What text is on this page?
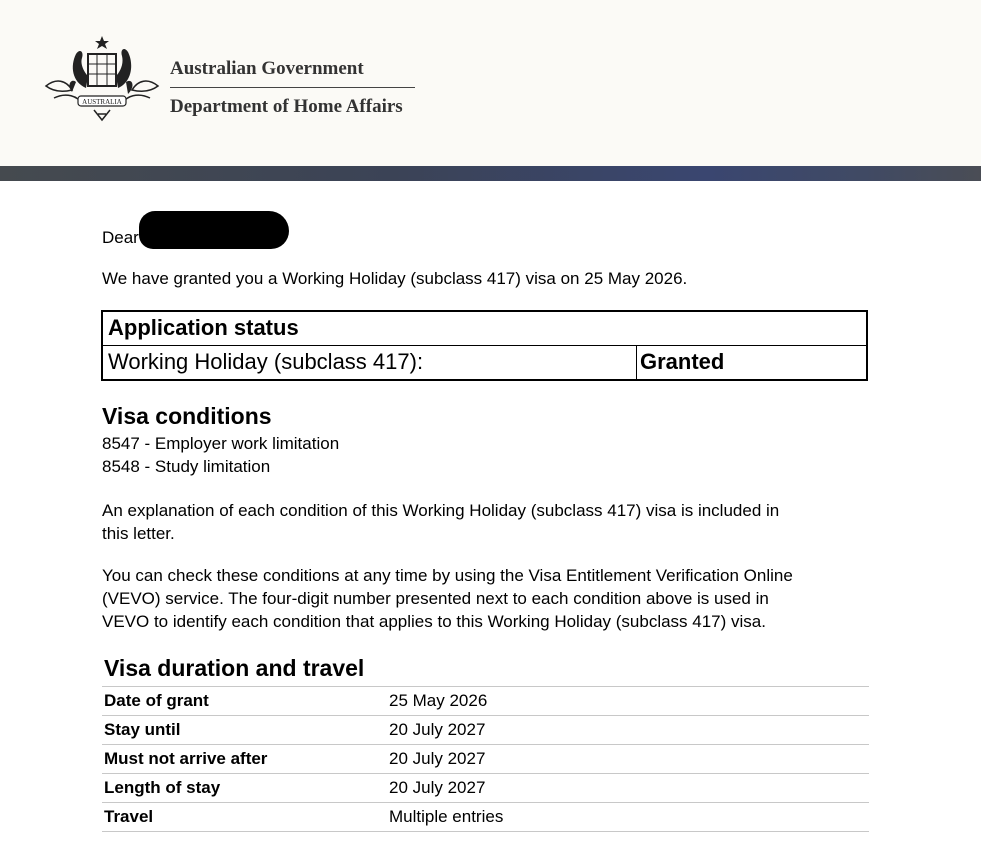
AUSTRALIA
Australian Government
Department of Home Affairs
Dear
We have granted you a Working Holiday (subclass 417) visa on 25 May 2026.
Application status
Working Holiday (subclass 417):	Granted
Visa conditions
8547 - Employer work limitation
8548 - Study limitation
An explanation of each condition of this Working Holiday (subclass 417) visa is included in
this letter.
You can check these conditions at any time by using the Visa Entitlement Verification Online
(VEVO) service. The four-digit number presented next to each condition above is used in
VEVO to identify each condition that applies to this Working Holiday (subclass 417) visa.
Visa duration and travel
Date of grant	25 May 2026
Stay until	20 July 2027
Must not arrive after	20 July 2027
Length of stay	20 July 2027
Travel	Multiple entries
